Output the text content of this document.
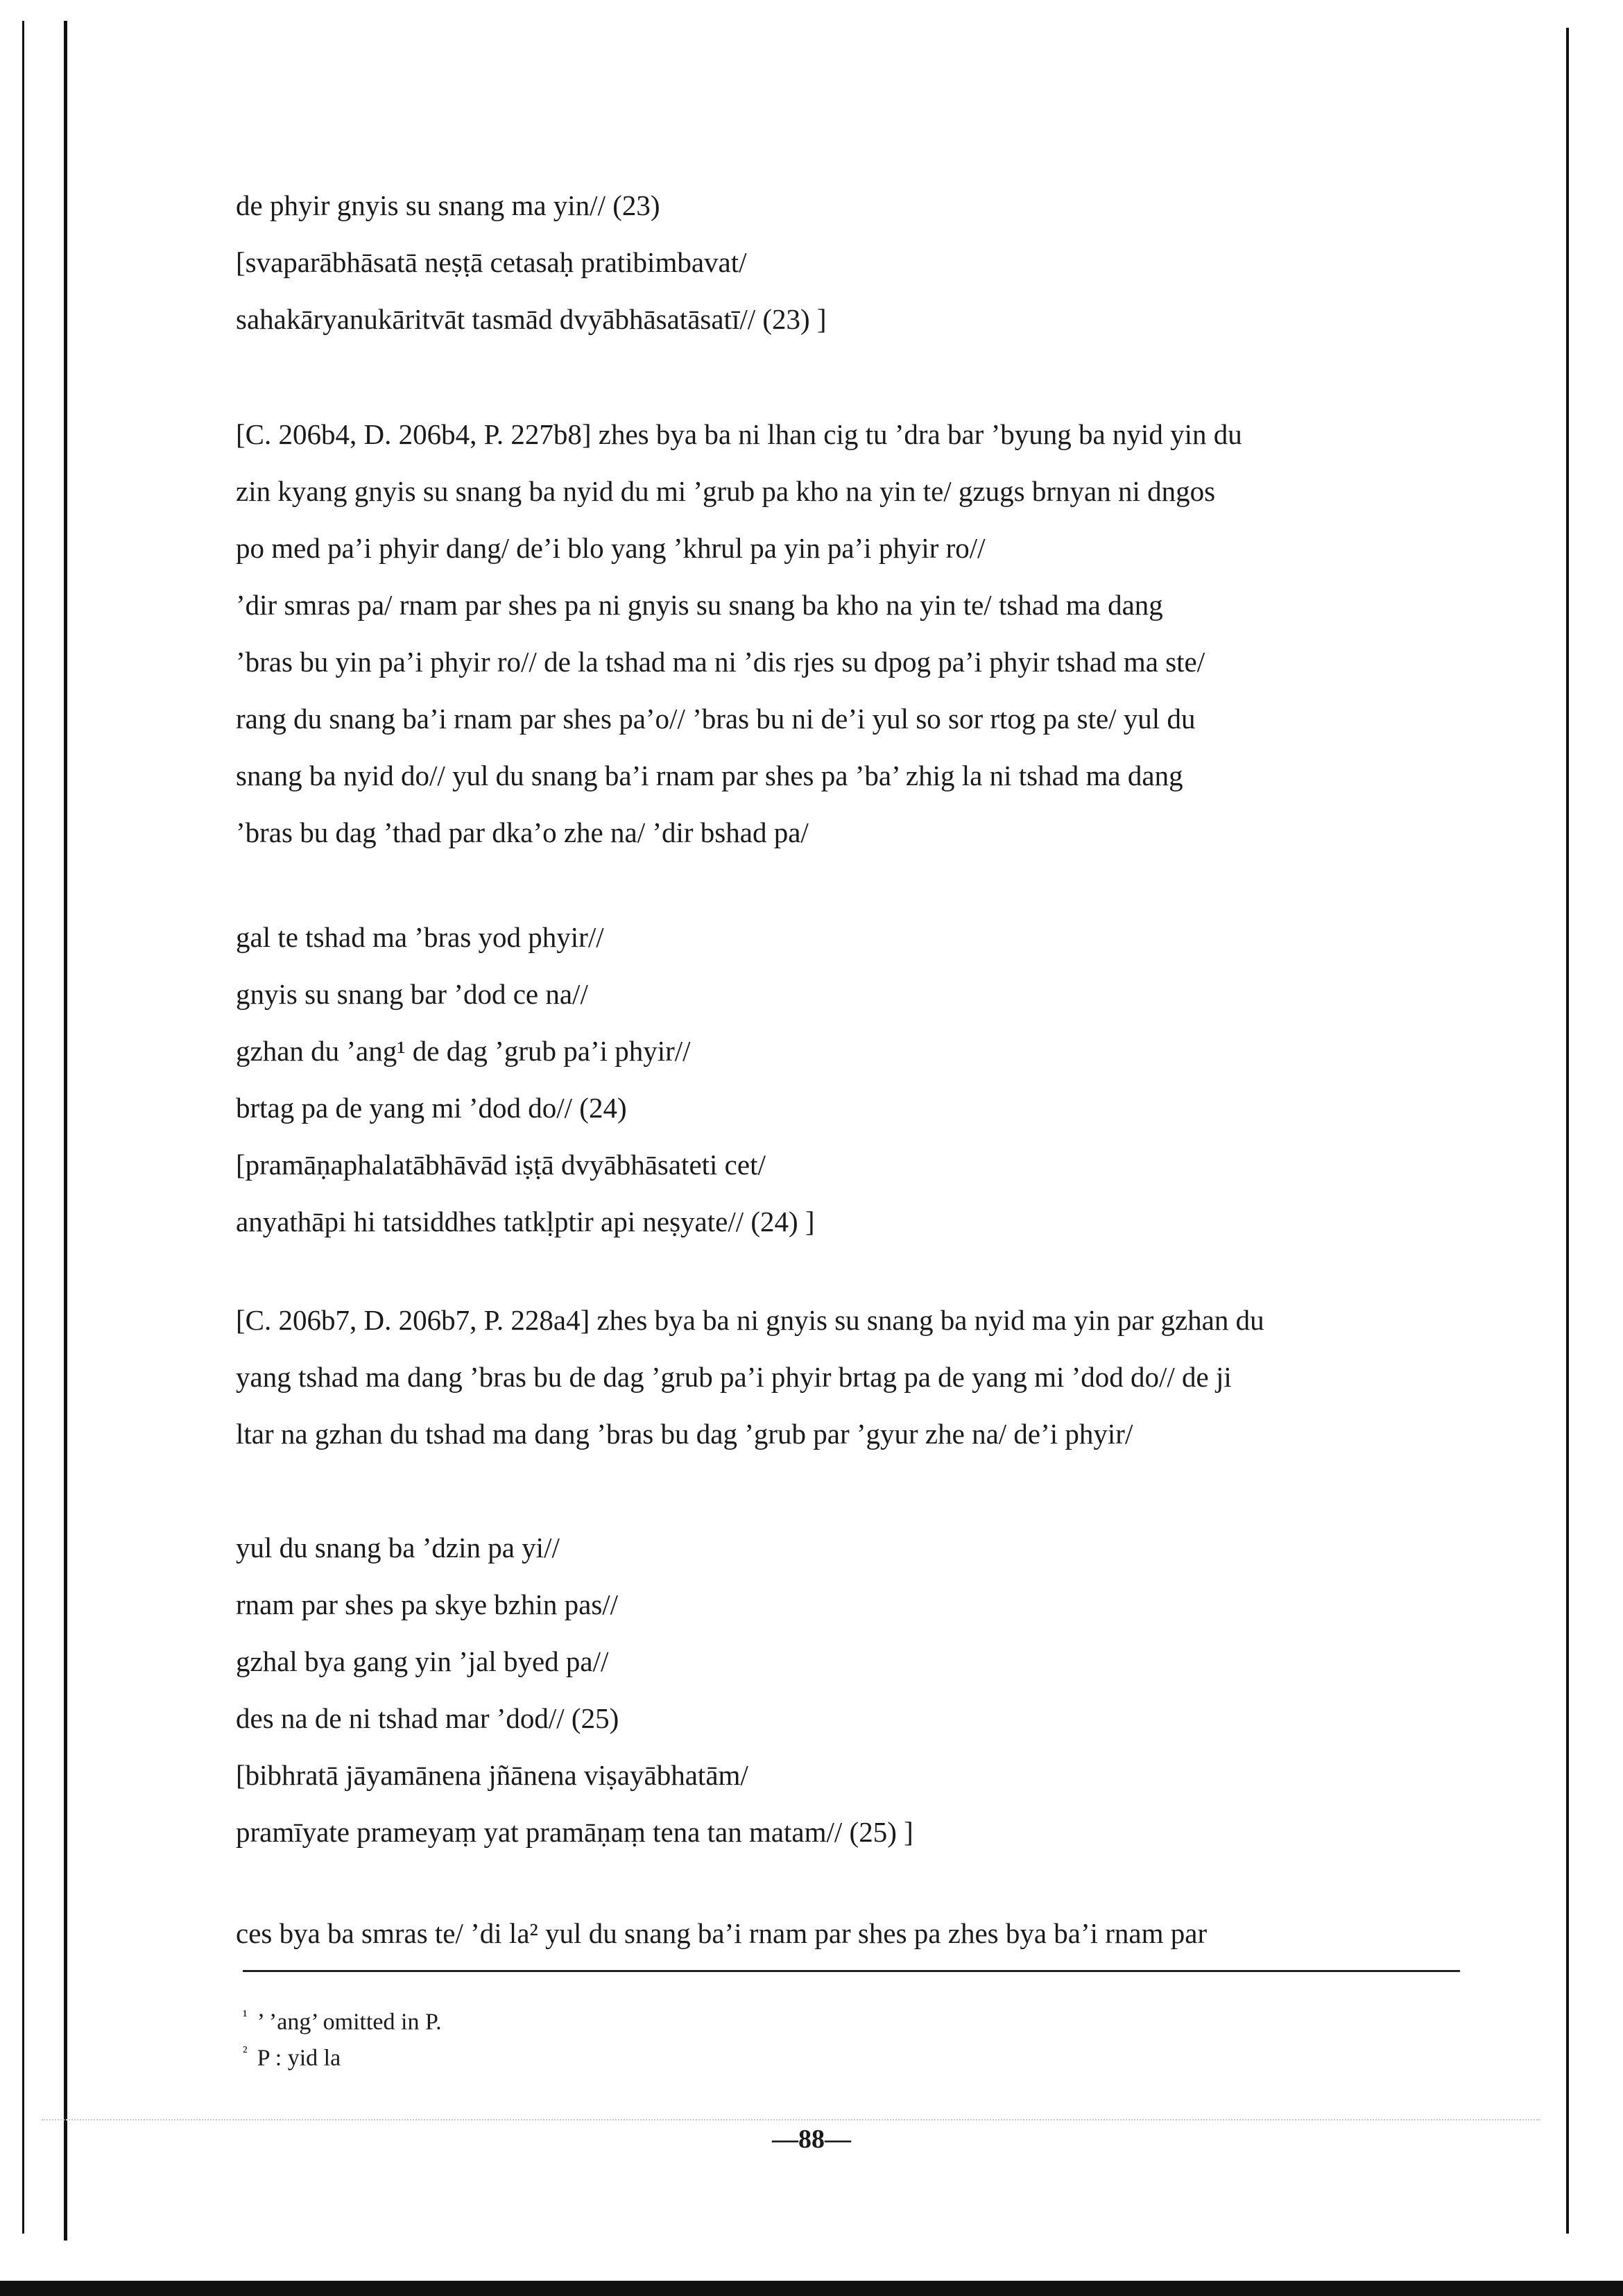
de phyir gnyis su snang ma yin// (23)
[svaparābhāsatā neṣṭā cetasaḥ pratibimbavat/
sahakāryanukāritvāt tasmād dvyābhāsatāsatī// (23) ]
[C. 206b4, D. 206b4, P. 227b8] zhes bya ba ni lhan cig tu ’dra bar ’byung ba nyid yin du
zin kyang gnyis su snang ba nyid du mi ’grub pa kho na yin te/ gzugs brnyan ni dngos
po med pa’i phyir dang/ de’i blo yang ’khrul pa yin pa’i phyir ro//
’dir smras pa/ rnam par shes pa ni gnyis su snang ba kho na yin te/ tshad ma dang
’bras bu yin pa’i phyir ro// de la tshad ma ni ’dis rjes su dpog pa’i phyir tshad ma ste/
rang du snang ba’i rnam par shes pa’o// ’bras bu ni de’i yul so sor rtog pa ste/ yul du
snang ba nyid do// yul du snang ba’i rnam par shes pa ’ba’ zhig la ni tshad ma dang
’bras bu dag ’thad par dka’o zhe na/ ’dir bshad pa/
gal te tshad ma ’bras yod phyir//
gnyis su snang bar ’dod ce na//
gzhan du ’ang¹ de dag ’grub pa’i phyir//
brtag pa de yang mi ’dod do// (24)
[pramāṇaphalatābhāvād iṣṭā dvyābhāsateti cet/
anyathāpi hi tatsiddhes tatkḷptir api neṣyate// (24) ]
[C. 206b7, D. 206b7, P. 228a4] zhes bya ba ni gnyis su snang ba nyid ma yin par gzhan du
yang tshad ma dang ’bras bu de dag ’grub pa’i phyir brtag pa de yang mi ’dod do// de ji
ltar na gzhan du tshad ma dang ’bras bu dag ’grub par ’gyur zhe na/ de’i phyir/
yul du snang ba ’dzin pa yi//
rnam par shes pa skye bzhin pas//
gzhal bya gang yin ’jal byed pa//
des na de ni tshad mar ’dod// (25)
[bibhratā jāyamānena jñānena viṣayābhatām/
pramīyate prameyaṃ yat pramāṇaṃ tena tan matam// (25) ]
ces bya ba smras te/ ’di la² yul du snang ba’i rnam par shes pa zhes bya ba’i rnam par
$^{^1}$ ’ ’ang’ omitted in P.
$^{^2}$ P : yid la
—88—
